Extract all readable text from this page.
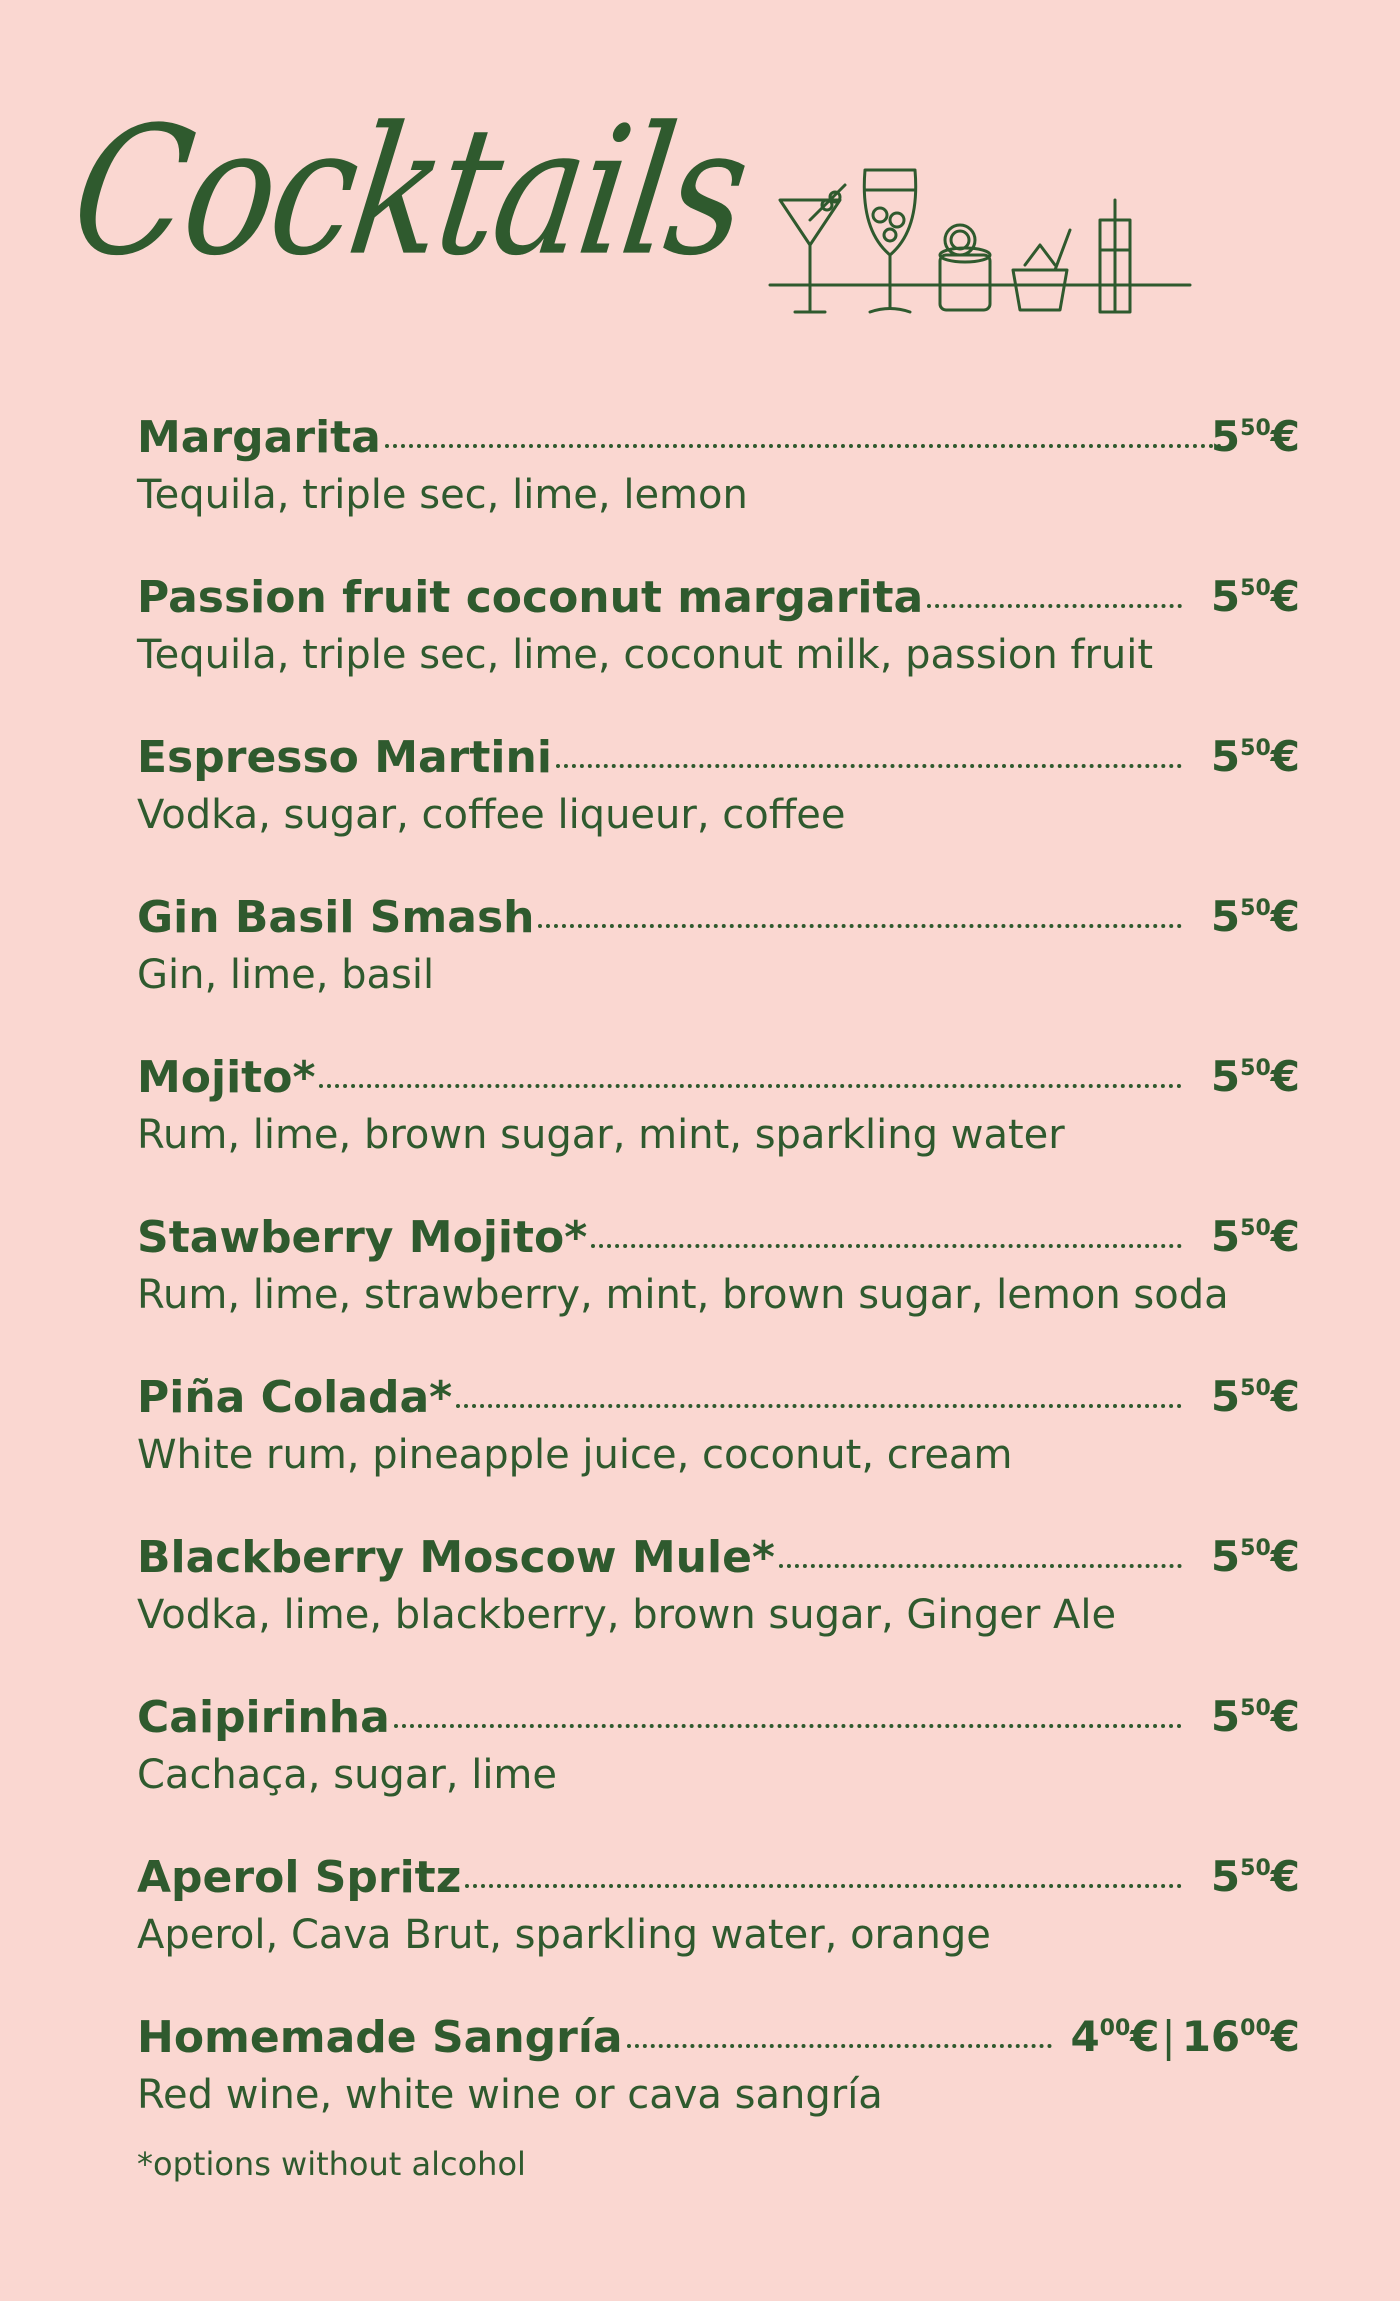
Cocktails
Margarita	$5^{50}€$
Tequila, triple sec, lime, lemon
Passion fruit coconut margarita	$5^{50}€$
Tequila, triple sec, lime, coconut milk, passion fruit
Espresso Martini	$5^{50}€$
Vodka, sugar, coffee liqueur, coffee
Gin Basil Smash	$5^{50}€$
Gin, lime, basil
Mojito*	$5^{50}€$
Rum, lime, brown sugar, mint, sparkling water
Stawberry Mojito*	$5^{50}€$
Rum, lime, strawberry, mint, brown sugar, lemon soda
Piña Colada*	$5^{50}€$
White rum, pineapple juice, coconut, cream
Blackberry Moscow Mule*	$5^{50}€$
Vodka, lime, blackberry, brown sugar, Ginger Ale
Caipirinha	$5^{50}€$
Cachaça, sugar, lime
Aperol Spritz	$5^{50}€$
Aperol, Cava Brut, sparkling water, orange
Homemade Sangría	$4^{00}€|$ $16^{00}€$
Red wine, white wine or cava sangría
*options without alcohol
